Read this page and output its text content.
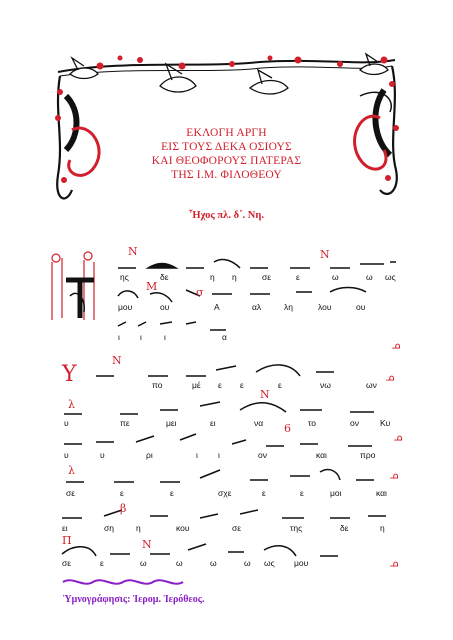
N
σ
M
N
𝈃
N
𝈃
N
λ
6
𝈃
λ
β
Π	N
𝈃
𝈃
ΕΚΛΟΓΗ ΑΡΓΗ
ΕΙΣ ΤΟΥΣ ΔΕΚΑ ΟΣΙΟΥΣ
ΚΑΙ ΘΕΟΦΟΡΟΥΣ ΠΑΤΕΡΑΣ
ΤΗΣ Ι.Μ. ΦΙΛΟΘΕΟΥ
Ἦχος πλ. δ΄. Νη.
Υ
ης	δε	η η	σε	ε	ω	ω ως
μου	ου	Α	αλ	λη	λου	ου
ι ι	ι	α
πο	μέ ε ε	ε	νω	ων
υ	πε	μει	ει	να	το	ον Κυ
υ	υ	ρι	ι ι	ον	και	προ
σε	ε	ε	σχε	ε	ε	μοι	και
ει	ση	η	κου	σε	της	δε	η
σε	ε	ω	ω	ω	ω ως μου
Ὑμνογράφησις: Ἱερομ. Ἱερόθεος.
